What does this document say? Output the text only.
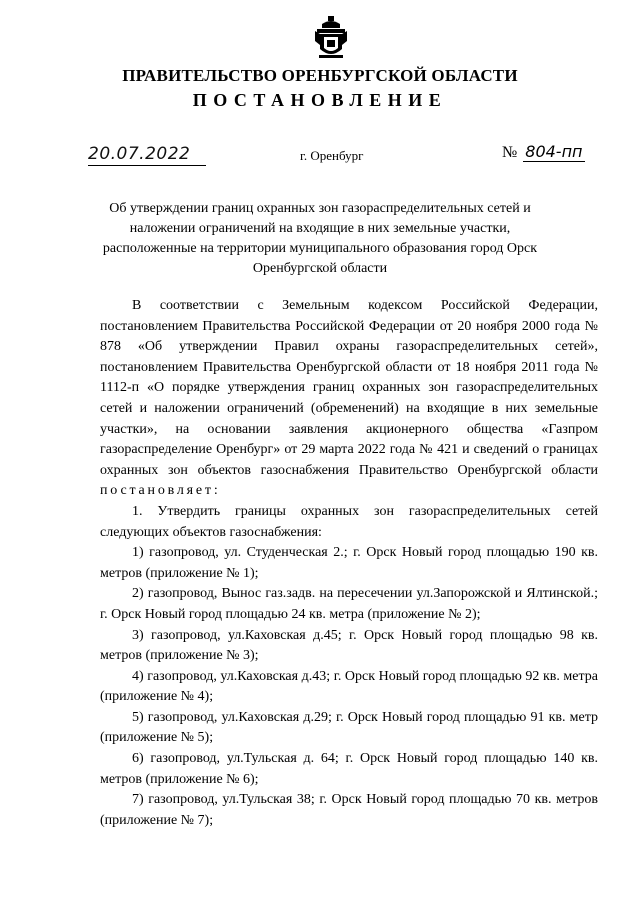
ПРАВИТЕЛЬСТВО ОРЕНБУРГСКОЙ ОБЛАСТИ
ПОСТАНОВЛЕНИЕ
20.07.2022	г. Оренбург	№ 804-пп
Об утверждении границ охранных зон газораспределительных сетей и наложении ограничений на входящие в них земельные участки, расположенные на территории муниципального образования город Орск Оренбургской области

В соответствии с Земельным кодексом Российской Федерации, постановлением Правительства Российской Федерации от 20 ноября 2000 года № 878 «Об утверждении Правил охраны газораспределительных сетей», постановлением Правительства Оренбургской области от 18 ноября 2011 года № 1112-п «О порядке утверждения границ охранных зон газораспределительных сетей и наложении ограничений (обременений) на входящие в них земельные участки», на основании заявления акционерного общества «Газпром газораспределение Оренбург» от 29 марта 2022 года № 421 и сведений о границах охранных зон объектов газоснабжения Правительство Оренбургской области постановляет:

1. Утвердить границы охранных зон газораспределительных сетей следующих объектов газоснабжения:

1) газопровод, ул. Студенческая 2.; г. Орск Новый город площадью 190 кв. метров (приложение № 1);

2) газопровод, Вынос газ.задв. на пересечении ул.Запорожской и Ялтинской.; г. Орск Новый город площадью 24 кв. метра (приложение № 2);

3) газопровод, ул.Каховская д.45; г. Орск Новый город площадью 98 кв. метров (приложение № 3);

4) газопровод, ул.Каховская д.43; г. Орск Новый город площадью 92 кв. метра (приложение № 4);

5) газопровод, ул.Каховская д.29; г. Орск Новый город площадью 91 кв. метр (приложение № 5);

6) газопровод, ул.Тульская д. 64; г. Орск Новый город площадью 140 кв. метров (приложение № 6);

7) газопровод, ул.Тульская 38; г. Орск Новый город площадью 70 кв. метров (приложение № 7);
